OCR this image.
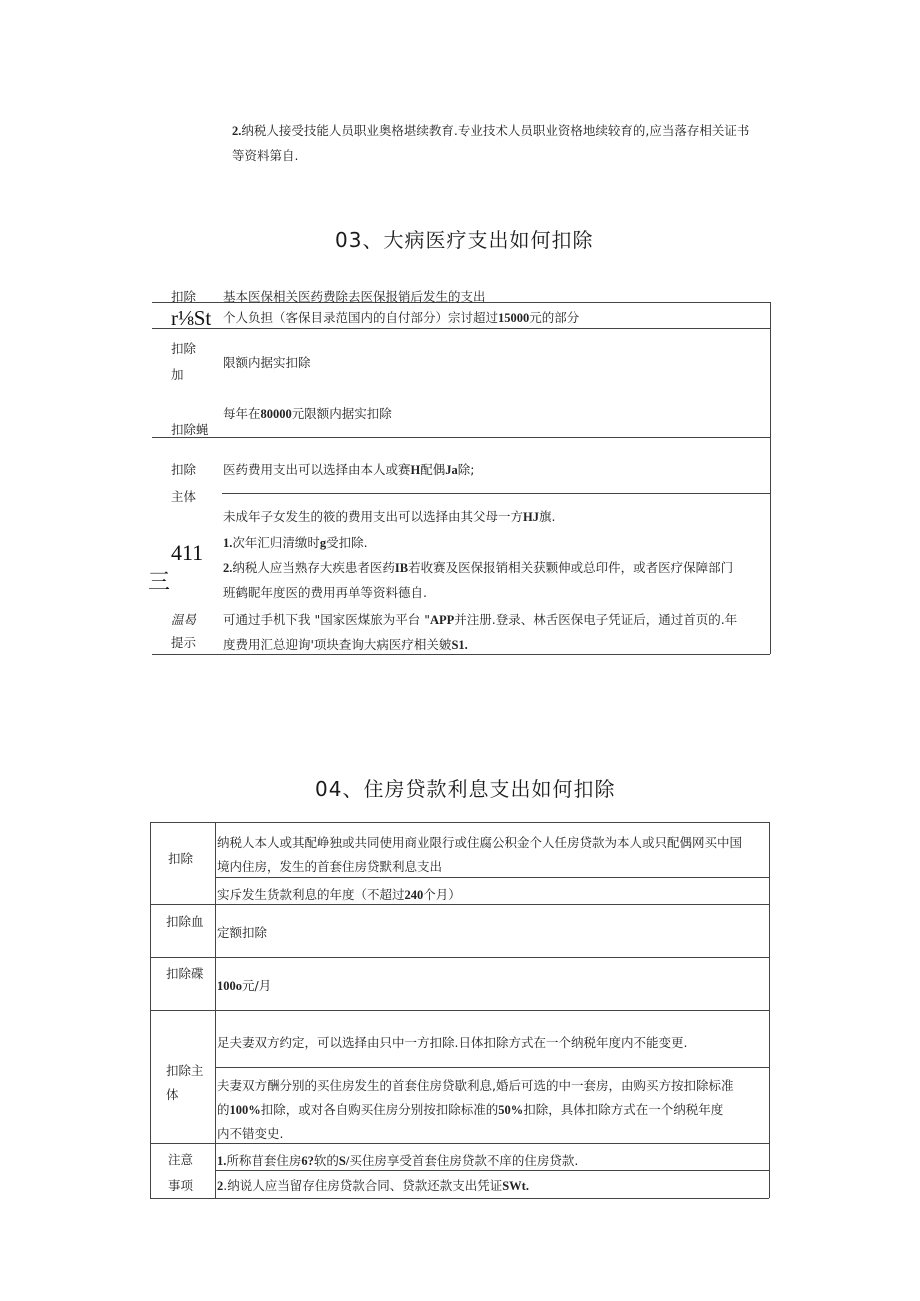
2.纳税人接受技能人员职业奥格堪续教育.专业技术人员职业资格地续较育的,应当落存相关证书
等资料第自.
03、大病医疗支出如何扣除
扣除
r⅛St
基本医保相关医药费除去医保报销后发生的支出
个人负担（客保目录范国内的自付部分）宗讨超过15000元的部分
扣除
加
限额内据实扣除
每年在80000元限额内据实扣除
扣除蝇
扣除
主体
医药费用支出可以选择由本人或赛H配偶Ja除;
未成年子女发生的筱的费用支出可以选择由其父母一方HJ旗.
411
三
1.次年汇归清缴时g受扣除.
2.纳税人应当熟存大疾患者医药IB若收赛及医保报销相关获颗伸或总印件，或者医疗保障部门
班鹤眤年度医的费用再单等资料德自.
温曷
提示
可通过手机下我 "国家医煤旅为平台 "APP并注册.登录、林舌医保电子凭证后，通过首页的.年
度费用汇总迎询'项块查询大病医疗相关皴S1.
04、住房贷款利息支出如何扣除
扣除
纳税人本人或其配峥独或共同使用商业限行或住腐公积金个人任房贷款为本人或只配偶网买中国
境内住房，发生的首套住房贷默利息支出
实斥发生货款利息的年度（不超过240个月）
扣除血
定额扣除
扣除碟
100o元/月
扣除主
体
足夫妻双方约定，可以选择由只中一方扣除.日体扣除方式在一个纳税年度内不能变更.
夫妻双方酬分别的买住房发生的首套住房贷歇利息,婚后可选的中一套房，由购买方按扣除标准
的100%扣除，或对各自购买住房分别按扣除标准的50%扣除，具体扣除方式在一个纳税年度
内不错变史.
注意
事项
1.所称苜套住房6?软的S/买住房享受首套住房贷款不庠的住房贷款.
2.纳说人应当留存住房贷款合同、贷款还款支出凭证SWt.
